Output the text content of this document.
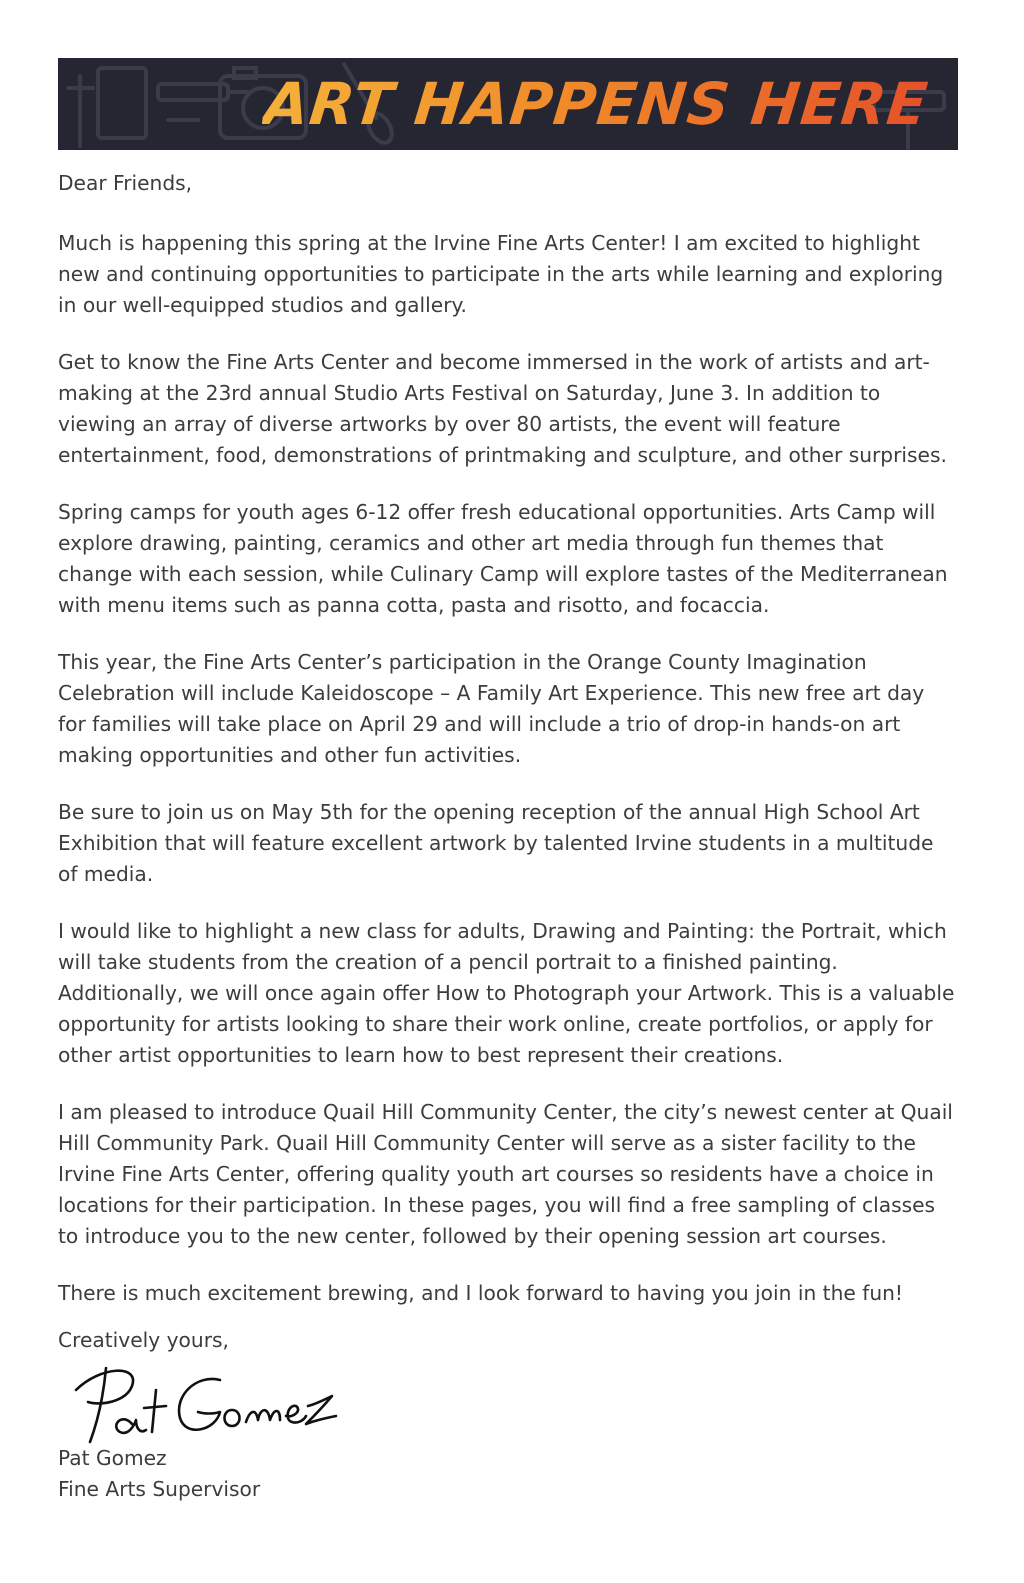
ART HAPPENS HERE

Dear Friends,

Much is happening this spring at the Irvine Fine Arts Center! I am excited to highlight new and continuing opportunities to participate in the arts while learning and exploring in our well-equipped studios and gallery.

Get to know the Fine Arts Center and become immersed in the work of artists and art-making at the 23rd annual Studio Arts Festival on Saturday, June 3. In addition to viewing an array of diverse artworks by over 80 artists, the event will feature entertainment, food, demonstrations of printmaking and sculpture, and other surprises.

Spring camps for youth ages 6-12 offer fresh educational opportunities. Arts Camp will explore drawing, painting, ceramics and other art media through fun themes that change with each session, while Culinary Camp will explore tastes of the Mediterranean with menu items such as panna cotta, pasta and risotto, and focaccia.

This year, the Fine Arts Center’s participation in the Orange County Imagination Celebration will include Kaleidoscope – A Family Art Experience. This new free art day for families will take place on April 29 and will include a trio of drop-in hands-on art making opportunities and other fun activities.

Be sure to join us on May 5th for the opening reception of the annual High School Art Exhibition that will feature excellent artwork by talented Irvine students in a multitude of media.

I would like to highlight a new class for adults, Drawing and Painting: the Portrait, which will take students from the creation of a pencil portrait to a finished painting. Additionally, we will once again offer How to Photograph your Artwork. This is a valuable opportunity for artists looking to share their work online, create portfolios, or apply for other artist opportunities to learn how to best represent their creations.

I am pleased to introduce Quail Hill Community Center, the city’s newest center at Quail Hill Community Park. Quail Hill Community Center will serve as a sister facility to the Irvine Fine Arts Center, offering quality youth art courses so residents have a choice in locations for their participation. In these pages, you will find a free sampling of classes to introduce you to the new center, followed by their opening session art courses.

There is much excitement brewing, and I look forward to having you join in the fun!

Creatively yours,
Pat Gomez
Fine Arts Supervisor
